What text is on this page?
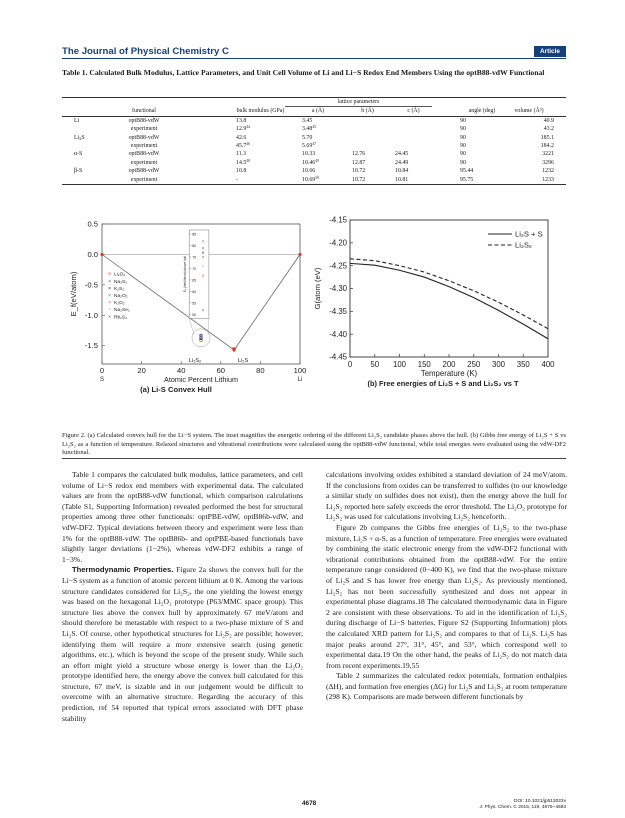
The Journal of Physical Chemistry C	Article
Table 1. Calculated Bulk Modulus, Lattice Parameters, and Unit Cell Volume of Li and Li−S Redox End Members Using the optB88-vdW Functional
			lattice parameters				
	functional	bulk modulus (GPa)	a (Å)	b (Å)	c (Å)	angle (deg)	volume (Å³)
Li	optB88-vdW	13.8	3.45			90	40.9
	experiment	12.9$^{44}$	3.48$^{45}$			90	43.2
$Li_2S$	optB88-vdW	42.6	5.70			90	185.1
	experiment	45.7$^{46}$	5.69$^{47}$			90	184.2
α-S	optB88-vdW	11.3	10.33	12.76	24.45	90	3221
	experiment	14.5$^{48}$	10.46$^{49}$	12.87	24.49	90	3296
β-S	optB88-vdW	10.8	10.66	10.72	10.84	95.44	1232
	experiment	-	10.69$^{50}$	10.72	10.81	95.75	1233
0.5
0.0
-0.5
-1.0
-1.5
0	20	40	60	80	100
S	Li
Atomic Percent Lithium
(a) Li-S Convex Hull
E_f(eV/atom)
Li₂S₂	Li₂S
85
80
75
70
65
60
55
50
Eₐ (meV/atom) above hull	×
×
×
×
×
×
×
× Li₂O₂
× Na₂S₂
× K₂S₂
× Na₂O₂
× K₂O₂
× Na₂Se₂
× Rb₂S₂
-4.15
-4.20
-4.25
-4.30
-4.35
-4.40
-4.45
0 50 100 150 200 250 300 350 400
Temperature (K)
(b) Free energies of Li₂S + S and Li₂S₂ vs T
G(atom (eV)
Li₂S + S
Li₂S₂
Figure 2. (a) Calculated convex hull for the Li−S system. The inset magnifies the energetic ordering of the different Li₂S₂ candidate phases above the hull. (b) Gibbs free energy of Li₂S + S vs Li₂S₂ as a function of temperature. Relaxed structures and vibrational contributions were calculated using the optB88-vdW functional, while total energies were evaluated using the vdW-DF2 functional.

Table 1 compares the calculated bulk modulus, lattice parameters, and cell volume of Li−S redox end members with experimental data. The calculated values are from the optB88-vdW functional, which comparison calculations (Table S1, Supporting Information) revealed performed the best for structural properties among three other functionals: optPBE-vdW, optB86b-vdW, and vdW-DF2. Typical deviations between theory and experiment were less than 1% for the optB88-vdW. The optB86b- and optPBE-based functionals have slightly larger deviations (1−2%), whereas vdW-DF2 exhibits a range of 1−3%.

Thermodynamic Properties. Figure 2a shows the convex hull for the Li−S system as a function of atomic percent lithium at 0 K. Among the various structure candidates considered for Li₂S₂, the one yielding the lowest energy was based on the hexagonal Li₂O₂ prototype (P63/MMC space group). This structure lies above the convex hull by approximately 67 meV/atom and should therefore be metastable with respect to a two-phase mixture of S and Li₂S. Of course, other hypothetical structures for Li₂S₂ are possible; however, identifying them will require a more extensive search (using genetic algorithms, etc.), which is beyond the scope of the present study. While such an effort might yield a structure whose energy is lower than the Li₂O₂ prototype identified here, the energy above the convex hull calculated for this structure, 67 meV, is sizable and in our judgement would be difficult to overcome with an alternative structure. Regarding the accuracy of this prediction, ref 54 reported that typical errors associated with DFT phase stability

calculations involving oxides exhibited a standard deviation of 24 meV/atom. If the conclusions from oxides can be transferred to sulfides (to our knowledge a similar study on sulfides does not exist), then the energy above the hull for Li₂S₂ reported here safely exceeds the error threshold. The Li₂O₂ prototype for Li₂S₂ was used for calculations involving Li₂S₂ henceforth.

Figure 2b compares the Gibbs free energies of Li₂S₂ to the two-phase mixture, Li₂S + α-S, as a function of temperature. Free energies were evaluated by combining the static electronic energy from the vdW-DF2 functional with vibrational contributions obtained from the optB88-vdW. For the entire temperature range considered (0−400 K), we find that the two-phase mixture of Li₂S and S has lower free energy than Li₂S₂. As previously mentioned, Li₂S₂ has not been successfully synthesized and does not appear in experimental phase diagrams.18 The calculated thermodynamic data in Figure 2 are consistent with these observations. To aid in the identification of Li₂S₂ during discharge of Li−S batteries, Figure S2 (Supporting Information) plots the calculated XRD pattern for Li₂S₂ and compares to that of Li₂S. Li₂S has major peaks around 27°, 31°, 45°, and 53°, which correspond well to experimental data.19 On the other hand, the peaks of Li₂S₂ do not match data from recent experiments.19,55

Table 2 summarizes the calculated redox potentials, formation enthalpies (ΔH), and formation free energies (ΔG) for Li₂S and Li₂S₂ at room temperature (298 K). Comparisons are made between different functionals by

4678	DOI: 10.1021/jp513023v
J. Phys. Chem. C 2015, 119, 4675−4683
